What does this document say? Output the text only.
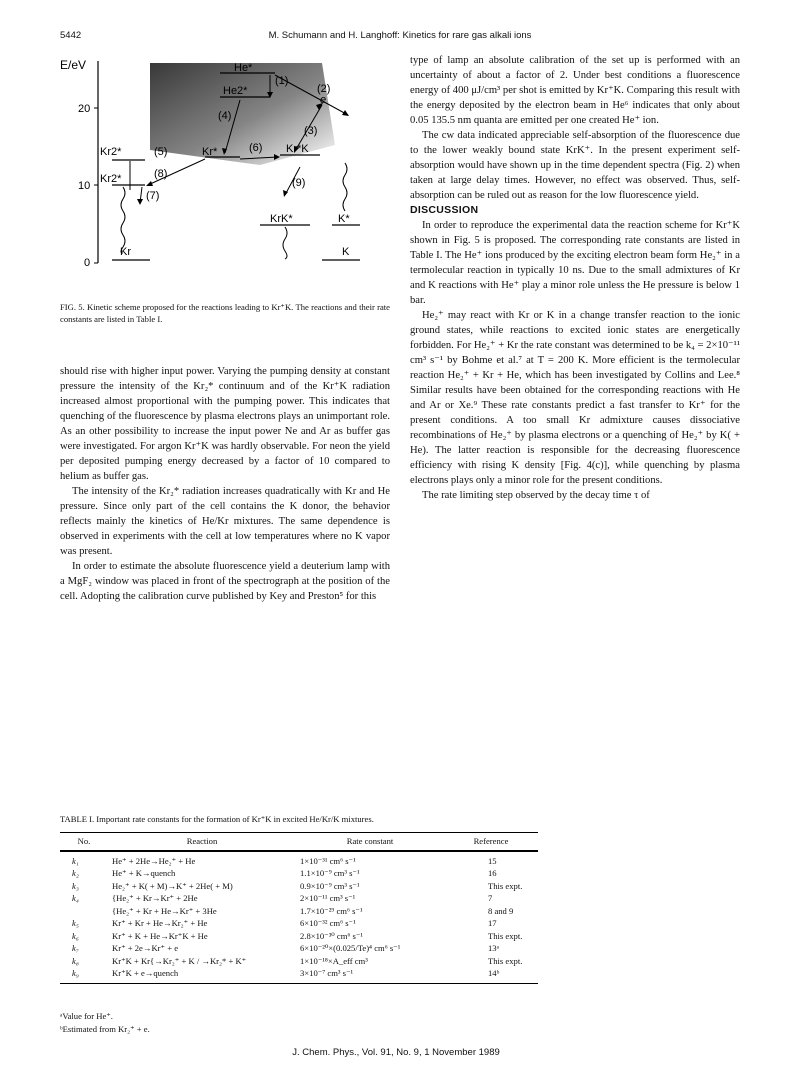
5442	M. Schumann and H. Langhoff: Kinetics for rare gas alkali ions
E/eV
20
10
0
He*
He2*
Kr2*
Kr2*
Kr*	Kr*K
KrK*	K*
Kr	K
e
(1)
(2)
(3)
(4)
(5)	(6)
(7)
(8)
(9)
FIG. 5. Kinetic scheme proposed for the reactions leading to Kr⁺K. The reactions and their rate constants are listed in Table I.

should rise with higher input power. Varying the pumping density at constant pressure the intensity of the Kr₂* continuum and of the Kr⁺K radiation increased almost proportional with the pumping power. This indicates that quenching of the fluorescence by plasma electrons plays an unimportant role. As an other possibility to increase the input power Ne and Ar as buffer gas were investigated. For argon Kr⁺K was hardly observable. For neon the yield per deposited pumping energy decreased by a factor of 10 compared to helium as buffer gas.

The intensity of the Kr₂* radiation increases quadratically with Kr and He pressure. Since only part of the cell contains the K donor, the behavior reflects mainly the kinetics of He/Kr mixtures. The same dependence is observed in experiments with the cell at low temperatures where no K vapor was present.

In order to estimate the absolute fluorescence yield a deuterium lamp with a MgF₂ window was placed in front of the spectrograph at the position of the cell. Adopting the calibration curve published by Key and Preston⁵ for this

type of lamp an absolute calibration of the set up is performed with an uncertainty of about a factor of 2. Under best conditions a fluorescence energy of 400 μJ/cm³ per shot is emitted by Kr⁺K. Comparing this result with the energy deposited by the electron beam in He⁶ indicates that only about 0.05 135.5 nm quanta are emitted per one created He⁺ ion.

The cw data indicated appreciable self-absorption of the fluorescence due to the lower weakly bound state KrK⁺. In the present experiment self-absorption would have shown up in the time dependent spectra (Fig. 2) when taken at large delay times. However, no effect was observed. Thus, self-absorption can be ruled out as reason for the low fluorescence yield.

DISCUSSION

In order to reproduce the experimental data the reaction scheme for Kr⁺K shown in Fig. 5 is proposed. The corresponding rate constants are listed in Table I. The He⁺ ions produced by the exciting electron beam form He₂⁺ in a termolecular reaction in typically 10 ns. Due to the small admixtures of Kr and K reactions with He⁺ play a minor role unless the He pressure is below 1 bar.

He₂⁺ may react with Kr or K in a change transfer reaction to the ionic ground states, while reactions to excited ionic states are energetically forbidden. For He₂⁺ + Kr the rate constant was determined to be k₄ = 2×10⁻¹¹ cm³ s⁻¹ by Bohme et al.⁷ at T = 200 K. More efficient is the termolecular reaction He₂⁺ + Kr + He, which has been investigated by Collins and Lee.⁸ Similar results have been obtained for the corresponding reactions with He and Ar or Xe.⁹ These rate constants predict a fast transfer to Kr⁺ for the present conditions. A too small Kr admixture causes dissociative recombinations of He₂⁺ by plasma electrons or a quenching of He₂⁺ by K( + He). The latter reaction is responsible for the decreasing fluorescence efficiency with rising K density [Fig. 4(c)], while quenching by plasma electrons plays only a minor role for the present conditions.

The rate limiting step observed by the decay time τ of

TABLE I. Important rate constants for the formation of Kr⁺K in excited He/Kr/K mixtures.
No.	Reaction	Rate constant	Reference
k₁	He⁺ + 2He→He₂⁺ + He	1×10⁻³¹ cm⁶ s⁻¹	15
k₂	He⁺ + K→quench	1.1×10⁻⁹ cm³ s⁻¹	16
k₃	He₂⁺ + K( + M)→K⁺ + 2He( + M)	0.9×10⁻⁹ cm³ s⁻¹	This expt.
k₄	{He₂⁺ + Kr→Kr⁺ + 2He	2×10⁻¹¹ cm³ s⁻¹	7
	{He₂⁺ + Kr + He→Kr⁺ + 3He	1.7×10⁻²⁹ cm⁶ s⁻¹	8 and 9
k₅	Kr⁺ + Kr + He→Kr₂⁺ + He	6×10⁻³² cm⁶ s⁻¹	17
k₆	Kr⁺ + K + He→Kr⁺K + He	2.8×10⁻³⁰ cm⁶ s⁻¹	This expt.
k₇	Kr⁺ + 2e→Kr⁺ + e	6×10⁻²⁰×(0.025/Te)⁴ cm⁶ s⁻¹	13ᵃ
k₈	Kr⁺K + Kr{→Kr₂⁺ + K / →Kr₂* + K⁺	1×10⁻¹⁸×A_eff cm³	This expt.
k₉	Kr⁺K + e→quench	3×10⁻⁷ cm³ s⁻¹	14ᵇ
ᵃValue for He⁺.
ᵇEstimated from Kr₂⁺ + e.
J. Chem. Phys., Vol. 91, No. 9, 1 November 1989
